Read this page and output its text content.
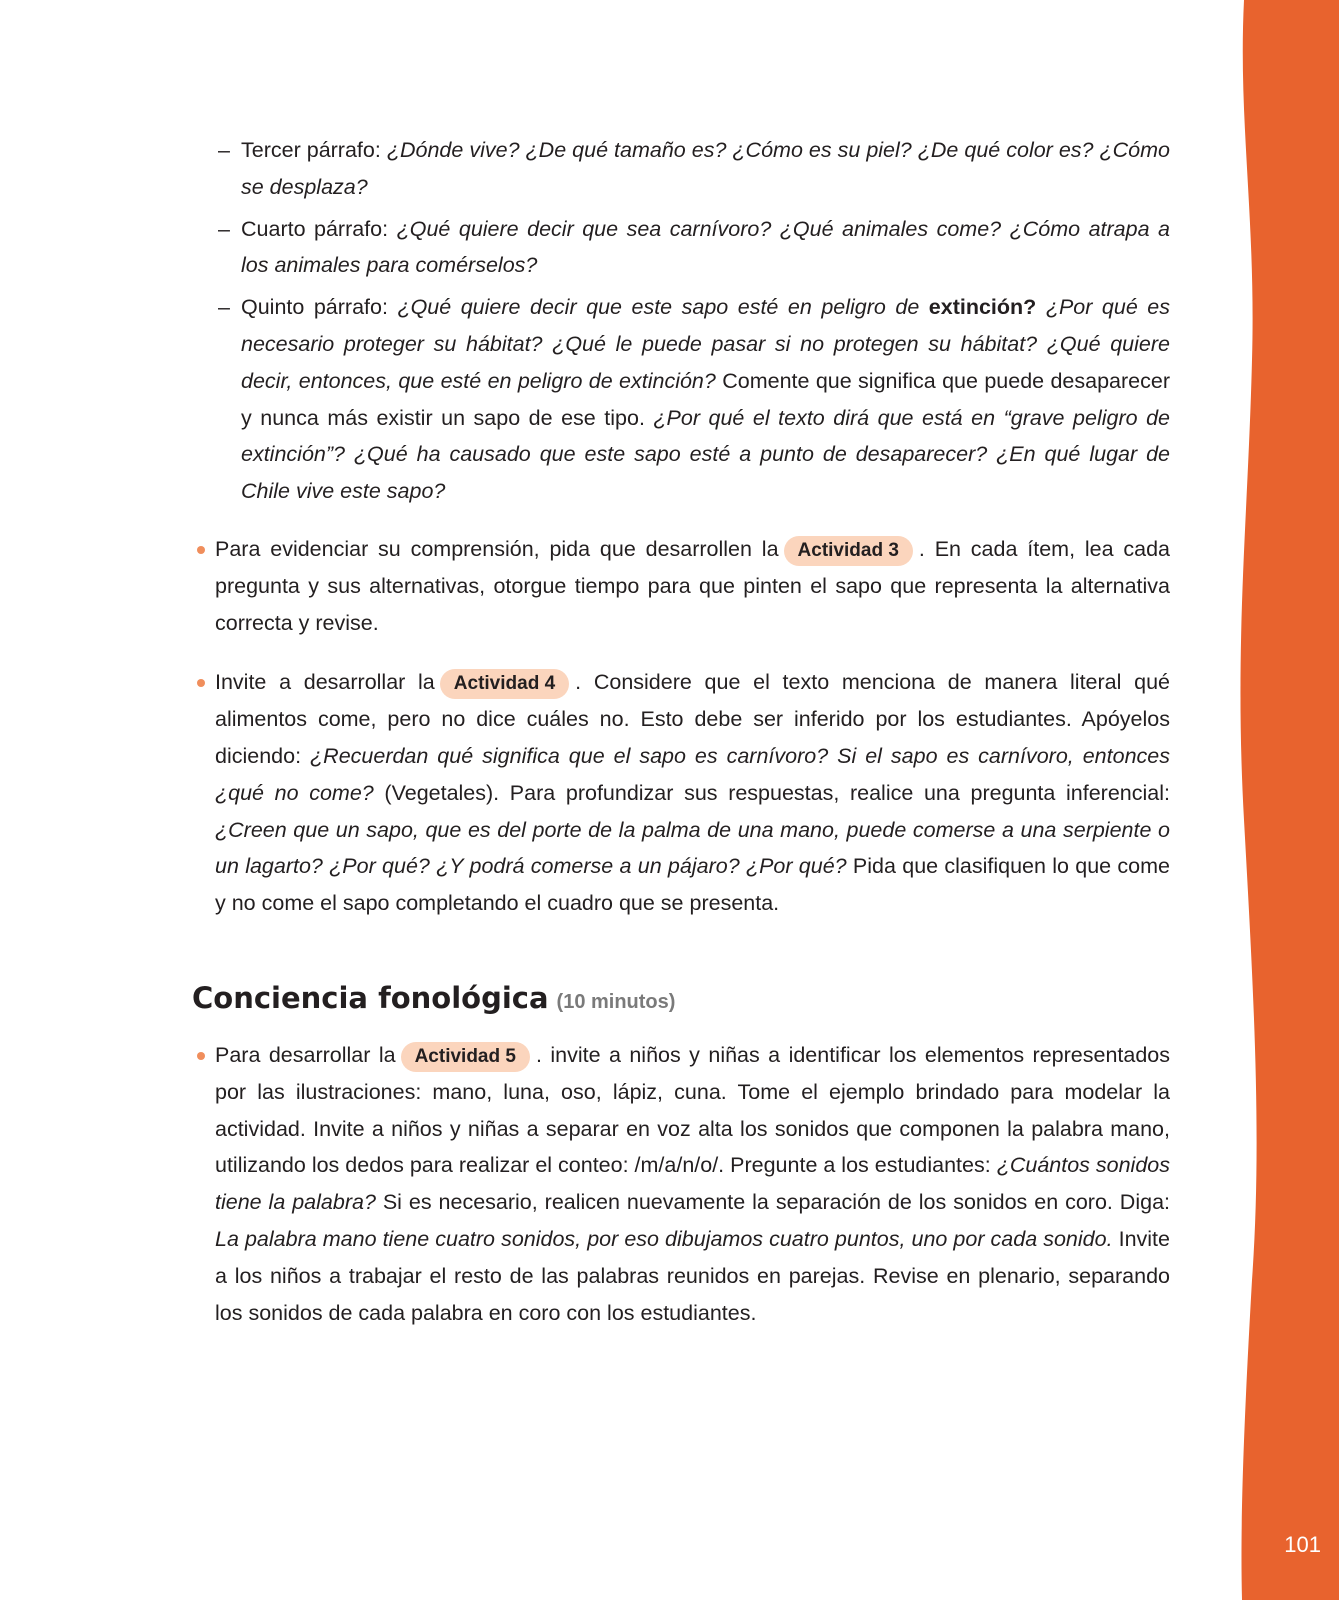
101
– Tercer párrafo: ¿Dónde vive? ¿De qué tamaño es? ¿Cómo es su piel? ¿De qué color es? ¿Cómo se desplaza?
– Cuarto párrafo: ¿Qué quiere decir que sea carnívoro? ¿Qué animales come? ¿Cómo atrapa a los animales para comérselos?
– Quinto párrafo: ¿Qué quiere decir que este sapo esté en peligro de extinción? ¿Por qué es necesario proteger su hábitat? ¿Qué le puede pasar si no protegen su hábitat? ¿Qué quiere decir, entonces, que esté en peligro de extinción? Comente que significa que puede desaparecer y nunca más existir un sapo de ese tipo. ¿Por qué el texto dirá que está en “grave peligro de extinción”? ¿Qué ha causado que este sapo esté a punto de desaparecer? ¿En qué lugar de Chile vive este sapo?
Para evidenciar su comprensión, pida que desarrollen la Actividad 3 . En cada ítem, lea cada pregunta y sus alternativas, otorgue tiempo para que pinten el sapo que representa la alternativa correcta y revise.
Invite a desarrollar la Actividad 4 . Considere que el texto menciona de manera literal qué alimentos come, pero no dice cuáles no. Esto debe ser inferido por los estudiantes. Apóyelos diciendo: ¿Recuerdan qué significa que el sapo es carnívoro? Si el sapo es carnívoro, entonces ¿qué no come? (Vegetales). Para profundizar sus respuestas, realice una pregunta inferencial: ¿Creen que un sapo, que es del porte de la palma de una mano, puede comerse a una serpiente o un lagarto? ¿Por qué? ¿Y podrá comerse a un pájaro? ¿Por qué? Pida que clasifiquen lo que come y no come el sapo completando el cuadro que se presenta.
Conciencia fonológica (10 minutos)
Para desarrollar la Actividad 5 . invite a niños y niñas a identificar los elementos representados por las ilustraciones: mano, luna, oso, lápiz, cuna. Tome el ejemplo brindado para modelar la actividad. Invite a niños y niñas a separar en voz alta los sonidos que componen la palabra mano, utilizando los dedos para realizar el conteo: /m/a/n/o/. Pregunte a los estudiantes: ¿Cuántos sonidos tiene la palabra? Si es necesario, realicen nuevamente la separación de los sonidos en coro. Diga: La palabra mano tiene cuatro sonidos, por eso dibujamos cuatro puntos, uno por cada sonido. Invite a los niños a trabajar el resto de las palabras reunidos en parejas. Revise en plenario, separando los sonidos de cada palabra en coro con los estudiantes.
